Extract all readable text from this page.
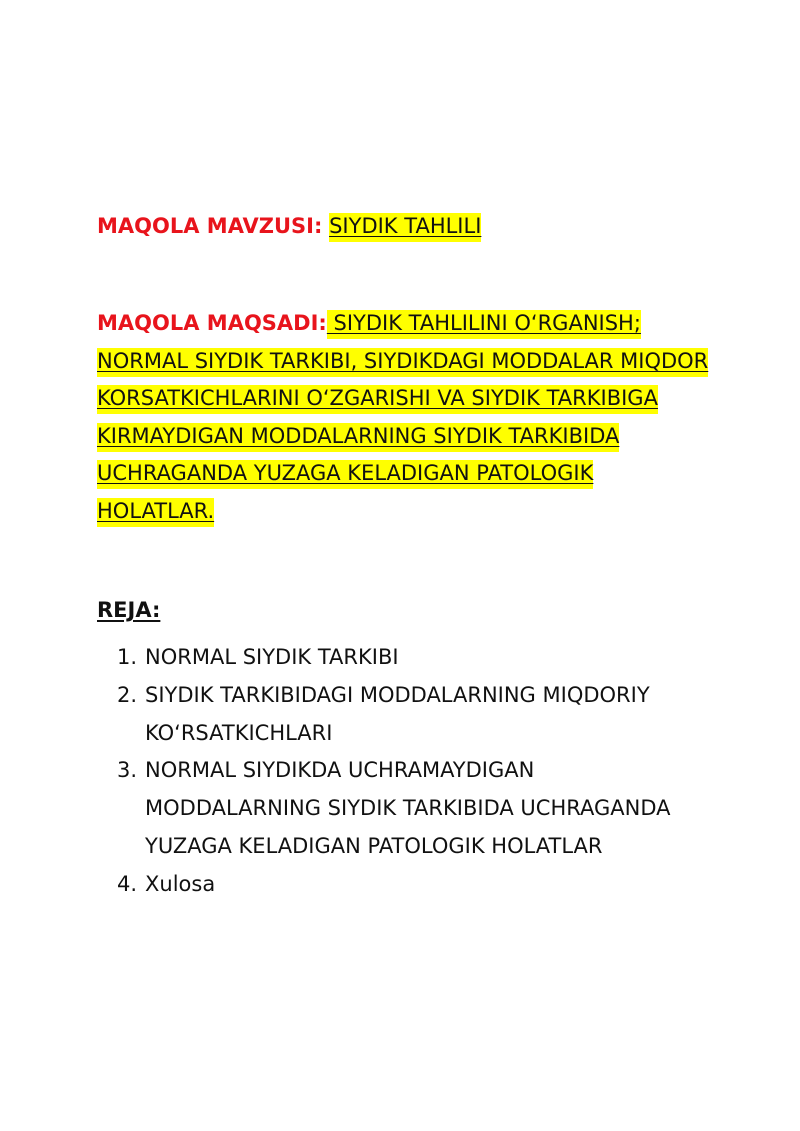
MAQOLA MAVZUSI: SIYDIK TAHLILI

MAQOLA MAQSADI: SIYDIK TAHLILINI O‘RGANISH; NORMAL SIYDIK TARKIBI, SIYDIKDAGI MODDALAR MIQDOR KORSATKICHLARINI O‘ZGARISHI VA SIYDIK TARKIBIGA KIRMAYDIGAN MODDALARNING SIYDIK TARKIBIDA UCHRAGANDA YUZAGA KELADIGAN PATOLOGIK HOLATLAR.

REJA:

1. NORMAL SIYDIK TARKIBI
2. SIYDIK TARKIBIDAGI MODDALARNING MIQDORIY KO‘RSATKICHLARI
3. NORMAL SIYDIKDA UCHRAMAYDIGAN MODDALARNING SIYDIK TARKIBIDA UCHRAGANDA YUZAGA KELADIGAN PATOLOGIK HOLATLAR
4. Xulosa
